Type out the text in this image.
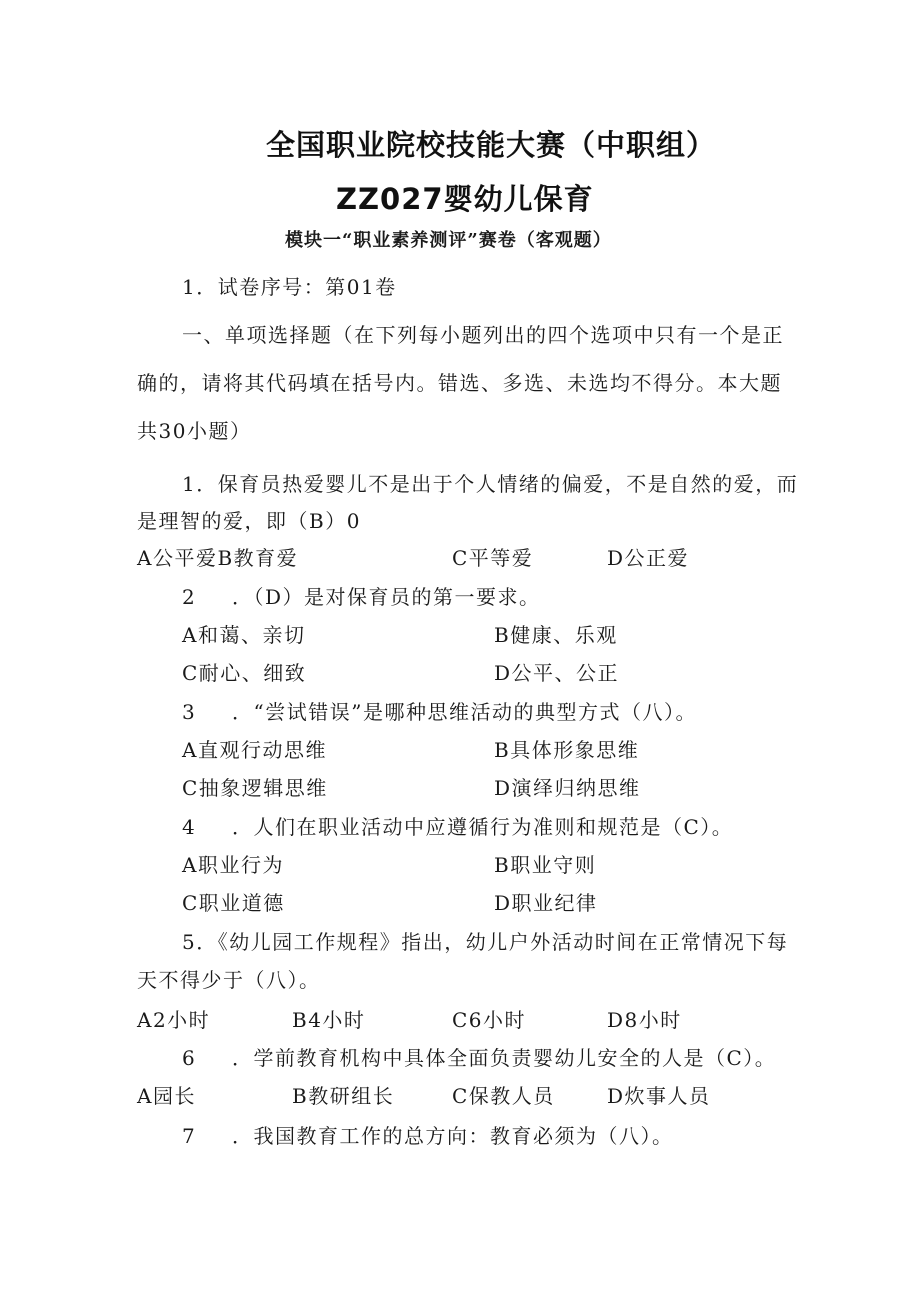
全国职业院校技能大赛（中职组）
ZZ027婴幼儿保育
模块一“职业素养测评”赛卷（客观题）
1．试卷序号：第01卷
一、单项选择题（在下列每小题列出的四个选项中只有一个是正
确的，请将其代码填在括号内。错选、多选、未选均不得分。本大题
共30小题）
1．保育员热爱婴儿不是出于个人情绪的偏爱，不是自然的爱，而
是理智的爱，即（B）0
A公平爱B教育爱	C平等爱	D公正爱
2 ．（D）是对保育员的第一要求。
A和蔼、亲切	B健康、乐观
C耐心、细致	D公平、公正
3 ．“尝试错误”是哪种思维活动的典型方式（八）。
A直观行动思维	B具体形象思维
C抽象逻辑思维	D演绎归纳思维
4 ．人们在职业活动中应遵循行为准则和规范是（C）。
A职业行为	B职业守则
C职业道德	D职业纪律
5．《幼儿园工作规程》指出，幼儿户外活动时间在正常情况下每
天不得少于（八）。
A2小时	B4小时	C6小时	D8小时
6 ．学前教育机构中具体全面负责婴幼儿安全的人是（C）。
A园长	B教研组长	C保教人员	D炊事人员
7 ．我国教育工作的总方向：教育必须为（八）。
